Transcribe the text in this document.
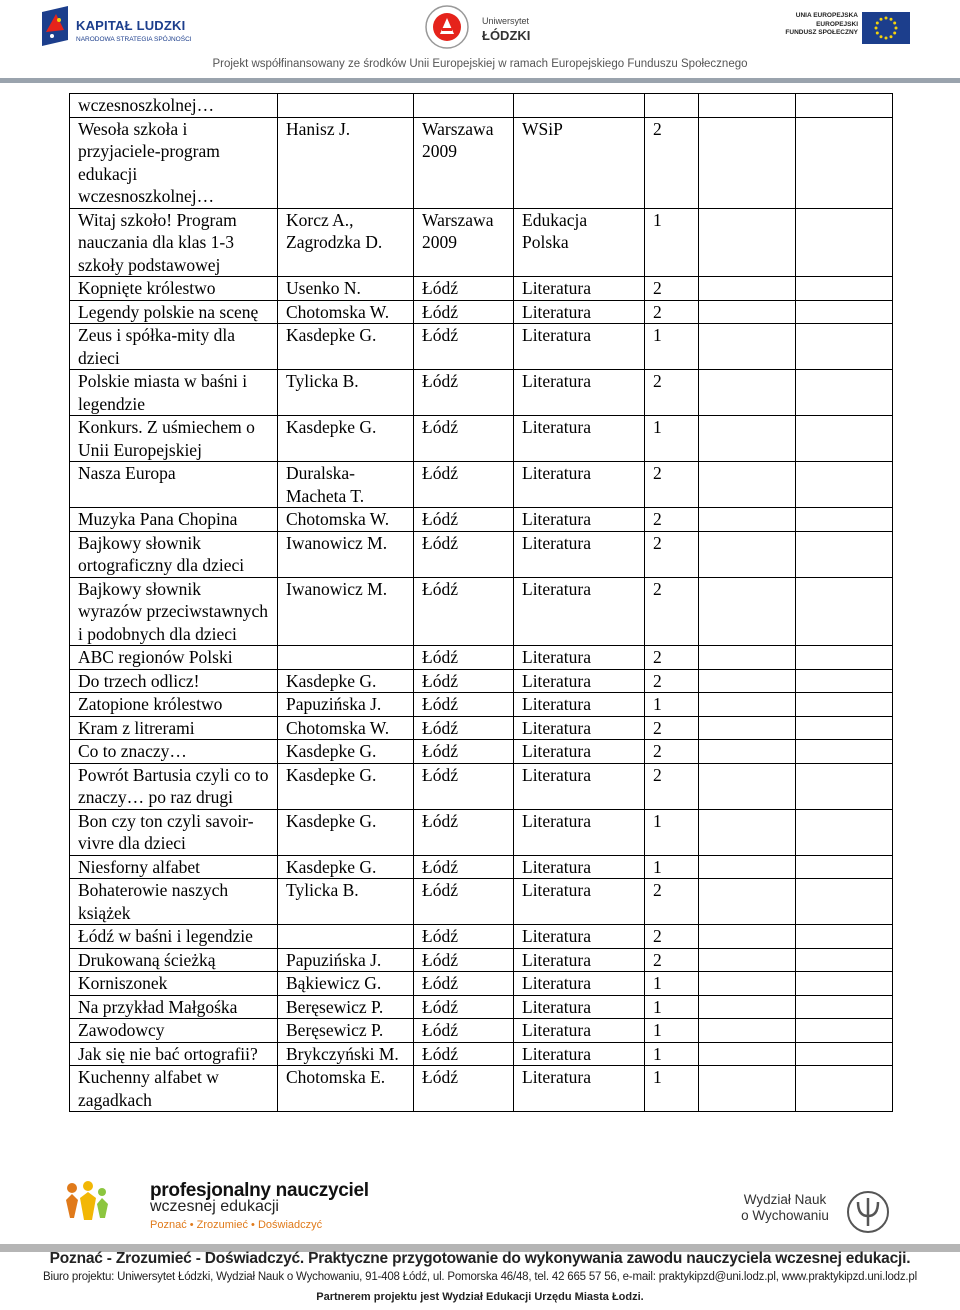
KAPITAŁ LUDZKI
NARODOWA STRATEGIA SPÓJNOŚCI
Uniwersytet
ŁÓDZKI
UNIA EUROPEJSKA
EUROPEJSKI
FUNDUSZ SPOŁECZNY
Projekt współfinansowany ze środków Unii Europejskiej w ramach Europejskiego Funduszu Społecznego
wczesnoszkolnej…						
Wesoła szkoła i przyjaciele-program edukacji wczesnoszkolnej…	Hanisz J.	Warszawa 2009	WSiP	2		
Witaj szkoło! Program nauczania dla klas 1-3 szkoły podstawowej	Korcz A., Zagrodzka D.	Warszawa 2009	Edukacja Polska	1		
Kopnięte królestwo	Usenko N.	Łódź	Literatura	2		
Legendy polskie na scenę	Chotomska W.	Łódź	Literatura	2		
Zeus i spółka-mity dla dzieci	Kasdepke G.	Łódź	Literatura	1		
Polskie miasta w baśni i legendzie	Tylicka B.	Łódź	Literatura	2		
Konkurs. Z uśmiechem o Unii Europejskiej	Kasdepke G.	Łódź	Literatura	1		
Nasza Europa	Duralska-Macheta T.	Łódź	Literatura	2		
Muzyka Pana Chopina	Chotomska W.	Łódź	Literatura	2		
Bajkowy słownik ortograficzny dla dzieci	Iwanowicz M.	Łódź	Literatura	2		
Bajkowy słownik wyrazów przeciwstawnych i podobnych dla dzieci	Iwanowicz M.	Łódź	Literatura	2		
ABC regionów Polski		Łódź	Literatura	2		
Do trzech odlicz!	Kasdepke G.	Łódź	Literatura	2		
Zatopione królestwo	Papuzińska J.	Łódź	Literatura	1		
Kram z litrerami	Chotomska W.	Łódź	Literatura	2		
Co to znaczy…	Kasdepke G.	Łódź	Literatura	2		
Powrót Bartusia czyli co to znaczy… po raz drugi	Kasdepke G.	Łódź	Literatura	2		
Bon czy ton czyli savoir-vivre dla dzieci	Kasdepke G.	Łódź	Literatura	1		
Niesforny alfabet	Kasdepke G.	Łódź	Literatura	1		
Bohaterowie naszych książek	Tylicka B.	Łódź	Literatura	2		
Łódź w baśni i legendzie		Łódź	Literatura	2		
Drukowaną ścieżką	Papuzińska J.	Łódź	Literatura	2		
Korniszonek	Bąkiewicz G.	Łódź	Literatura	1		
Na przykład Małgośka	Beręsewicz P.	Łódź	Literatura	1		
Zawodowcy	Beręsewicz P.	Łódź	Literatura	1		
Jak się nie bać ortografii?	Brykczyński M.	Łódź	Literatura	1		
Kuchenny alfabet w zagadkach	Chotomska E.	Łódź	Literatura	1		
profesjonalny nauczyciel
wczesnej edukacji
Poznać • Zrozumieć • Doświadczyć
Wydział Nauk
o Wychowaniu
Poznać - Zrozumieć - Doświadczyć. Praktyczne przygotowanie do wykonywania zawodu nauczyciela wczesnej edukacji.
Biuro projektu: Uniwersytet Łódzki, Wydział Nauk o Wychowaniu, 91-408 Łódź, ul. Pomorska 46/48, tel. 42 665 57 56, e-mail: praktykipzd@uni.lodz.pl, www.praktykipzd.uni.lodz.pl
Partnerem projektu jest Wydział Edukacji Urzędu Miasta Łodzi.
